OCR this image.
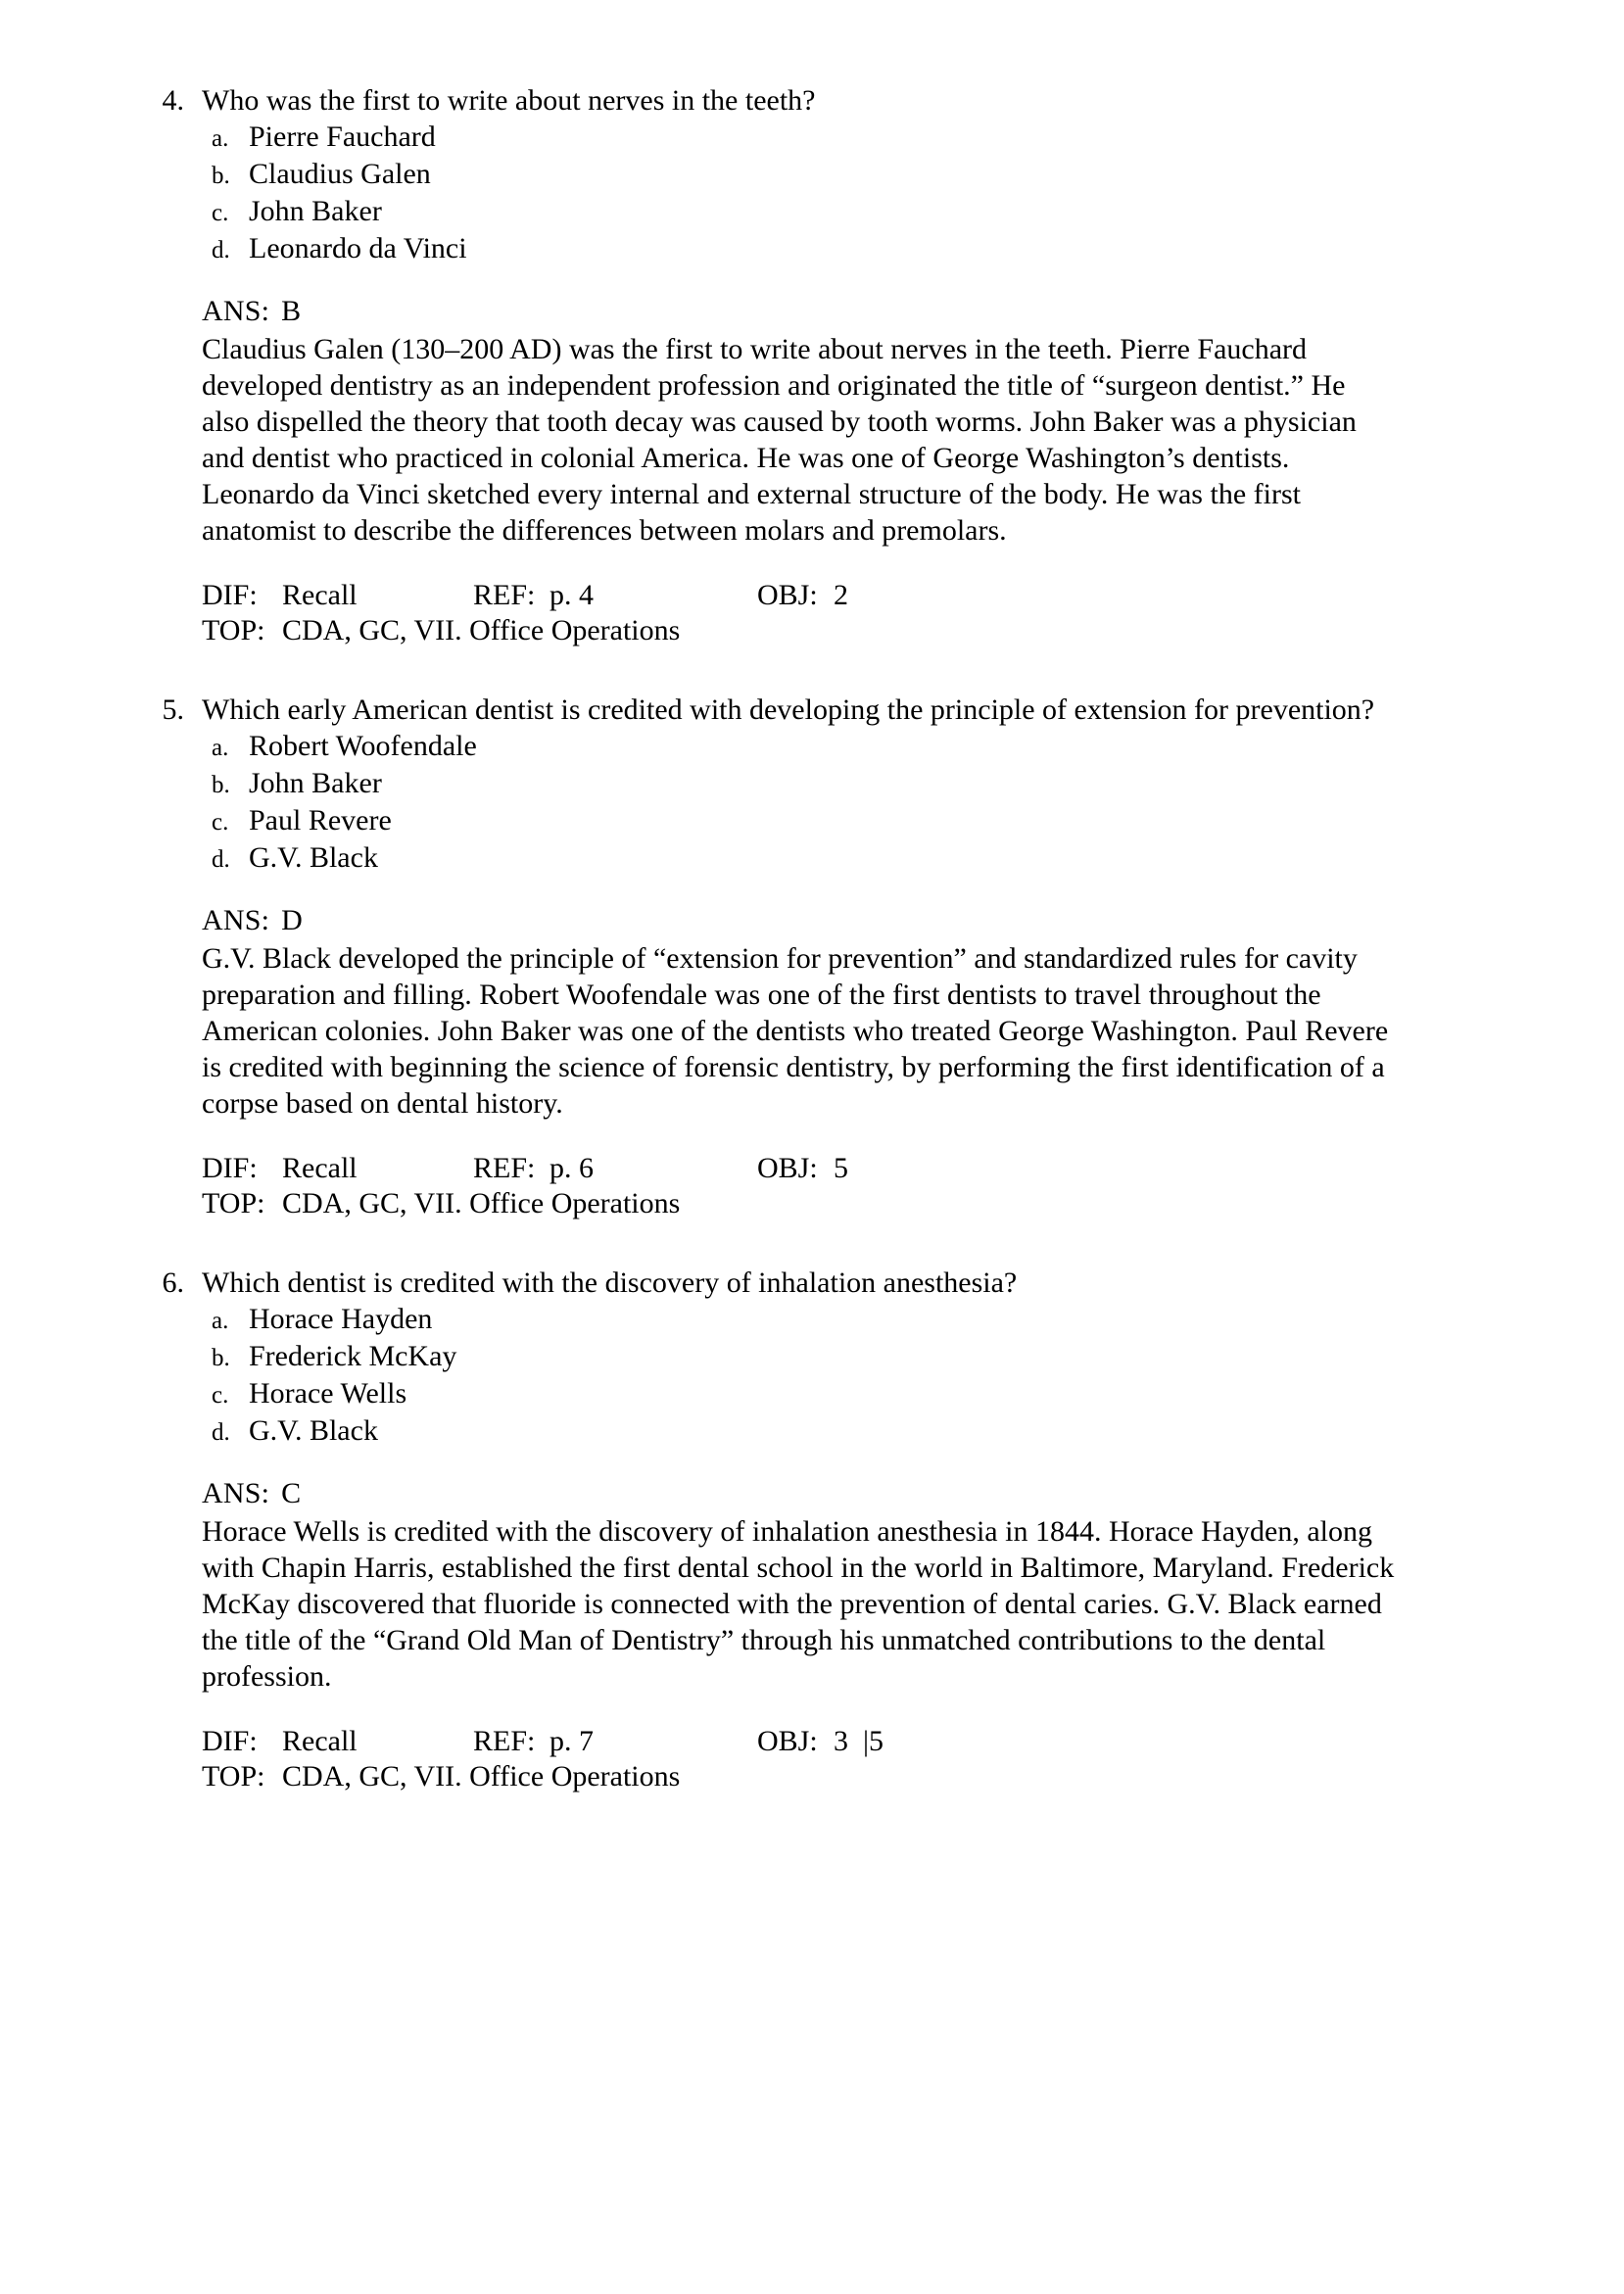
4. Who was the first to write about nerves in the teeth?

a. Pierre Fauchard
b. Claudius Galen
c. John Baker
d. Leonardo da Vinci

ANS: B

Claudius Galen (130–200 AD) was the first to write about nerves in the teeth. Pierre Fauchard developed dentistry as an independent profession and originated the title of “surgeon dentist.” He also dispelled the theory that tooth decay was caused by tooth worms. John Baker was a physician and dentist who practiced in colonial America. He was one of George Washington’s dentists. Leonardo da Vinci sketched every internal and external structure of the body. He was the first anatomist to describe the differences between molars and premolars.

DIF: Recall	REF: p. 4	OBJ: 2
TOP: CDA, GC, VII. Office Operations
5. Which early American dentist is credited with developing the principle of extension for prevention?

a. Robert Woofendale
b. John Baker
c. Paul Revere
d. G.V. Black

ANS: D

G.V. Black developed the principle of “extension for prevention” and standardized rules for cavity preparation and filling. Robert Woofendale was one of the first dentists to travel throughout the American colonies. John Baker was one of the dentists who treated George Washington. Paul Revere is credited with beginning the science of forensic dentistry, by performing the first identification of a corpse based on dental history.

DIF: Recall	REF: p. 6	OBJ: 5
TOP: CDA, GC, VII. Office Operations
6. Which dentist is credited with the discovery of inhalation anesthesia?

a. Horace Hayden
b. Frederick McKay
c. Horace Wells
d. G.V. Black

ANS: C

Horace Wells is credited with the discovery of inhalation anesthesia in 1844. Horace Hayden, along with Chapin Harris, established the first dental school in the world in Baltimore, Maryland. Frederick McKay discovered that fluoride is connected with the prevention of dental caries. G.V. Black earned the title of the “Grand Old Man of Dentistry” through his unmatched contributions to the dental profession.

DIF: Recall	REF: p. 7	OBJ: 3  |5
TOP: CDA, GC, VII. Office Operations
